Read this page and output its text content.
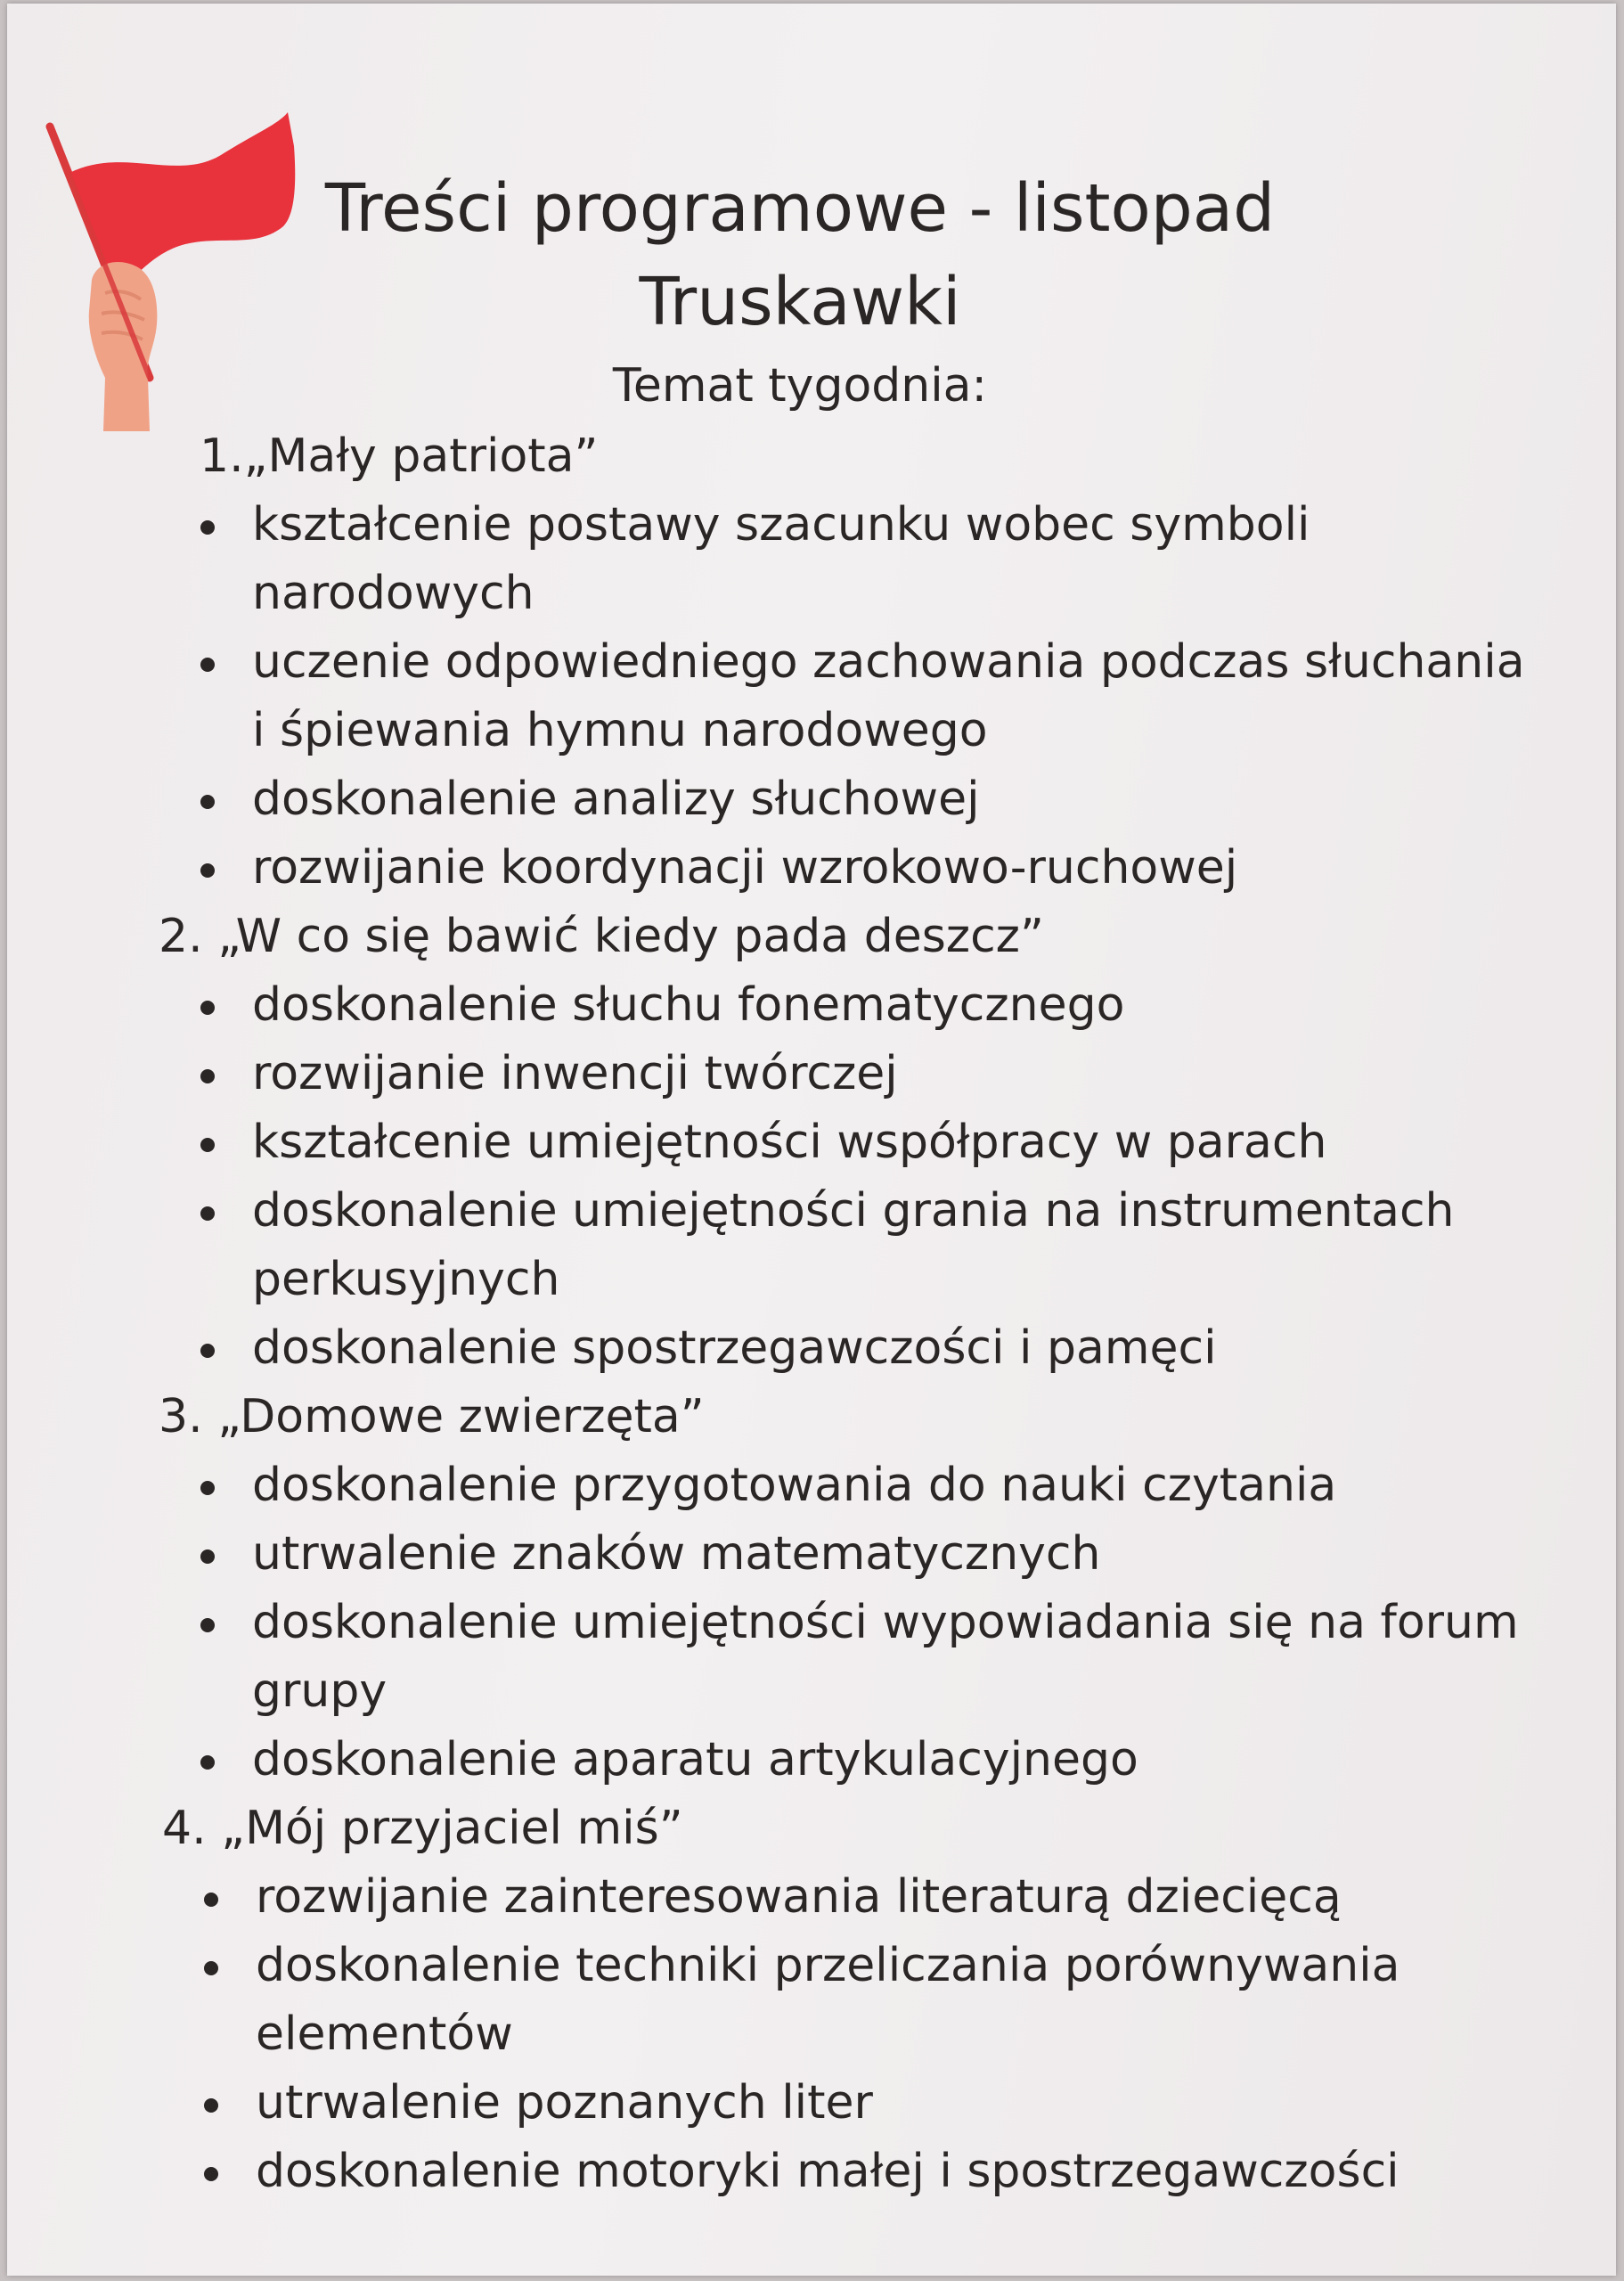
Treści programowe - listopad
Truskawki

Temat tygodnia:

1.„Mały patriota”

kształcenie postawy szacunku wobec symboli narodowych
uczenie odpowiedniego zachowania podczas słuchania i śpiewania hymnu narodowego
doskonalenie analizy słuchowej
rozwijanie koordynacji wzrokowo-ruchowej

2. „W co się bawić kiedy pada deszcz”

doskonalenie słuchu fonematycznego
rozwijanie inwencji twórczej
kształcenie umiejętności współpracy w parach
doskonalenie umiejętności grania na instrumentach perkusyjnych
doskonalenie spostrzegawczości i pamęci

3. „Domowe zwierzęta”

doskonalenie przygotowania do nauki czytania
utrwalenie znaków matematycznych
doskonalenie umiejętności wypowiadania się na forum grupy
doskonalenie aparatu artykulacyjnego

4. „Mój przyjaciel miś”

rozwijanie zainteresowania literaturą dziecięcą
doskonalenie techniki przeliczania porównywania elementów
utrwalenie poznanych liter
doskonalenie motoryki małej i spostrzegawczości
